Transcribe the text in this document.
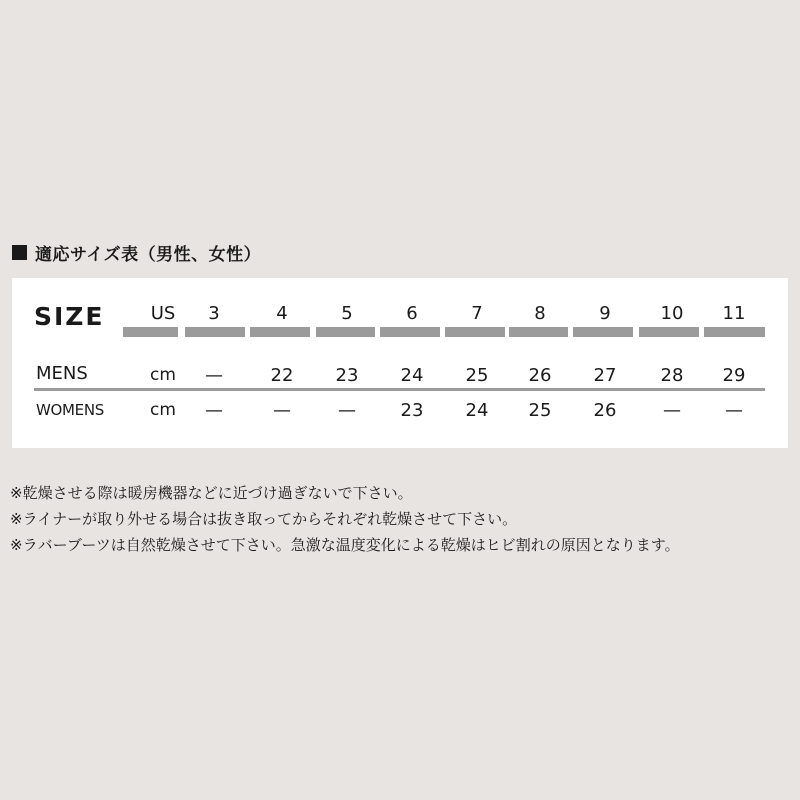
適応サイズ表（男性、女性）
SIZE	US 3	4	5	6	7	8	9	10 11
MENS	cm —	22 23 24 25 26 27 28 29
WOMENS	cm —	—	— 23 24 25 26	— —
※乾燥させる際は暖房機器などに近づけ過ぎないで下さい。
※ライナーが取り外せる場合は抜き取ってからそれぞれ乾燥させて下さい。
※ラバーブーツは自然乾燥させて下さい。急激な温度変化による乾燥はヒビ割れの原因となります。
